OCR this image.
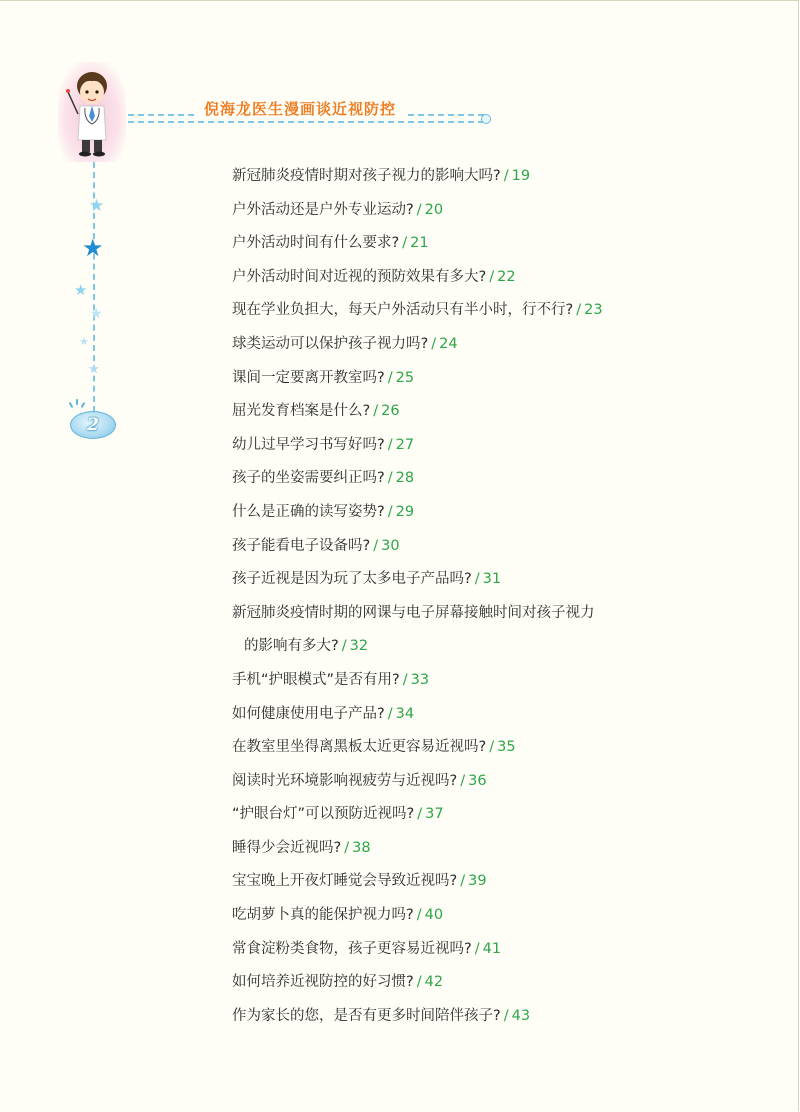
倪海龙医生漫画谈近视防控
★
★
★
★
★
★
2
新冠肺炎疫情时期对孩子视力的影响大吗? / 19
户外活动还是户外专业运动? / 20
户外活动时间有什么要求? / 21
户外活动时间对近视的预防效果有多大? / 22
现在学业负担大，每天户外活动只有半小时，行不行? / 23
球类运动可以保护孩子视力吗? / 24
课间一定要离开教室吗? / 25
屈光发育档案是什么? / 26
幼儿过早学习书写好吗? / 27
孩子的坐姿需要纠正吗? / 28
什么是正确的读写姿势? / 29
孩子能看电子设备吗? / 30
孩子近视是因为玩了太多电子产品吗? / 31
新冠肺炎疫情时期的网课与电子屏幕接触时间对孩子视力
的影响有多大? / 32
手机“护眼模式”是否有用? / 33
如何健康使用电子产品? / 34
在教室里坐得离黑板太近更容易近视吗? / 35
阅读时光环境影响视疲劳与近视吗? / 36
“护眼台灯”可以预防近视吗? / 37
睡得少会近视吗? / 38
宝宝晚上开夜灯睡觉会导致近视吗? / 39
吃胡萝卜真的能保护视力吗? / 40
常食淀粉类食物，孩子更容易近视吗? / 41
如何培养近视防控的好习惯? / 42
作为家长的您，是否有更多时间陪伴孩子? / 43
